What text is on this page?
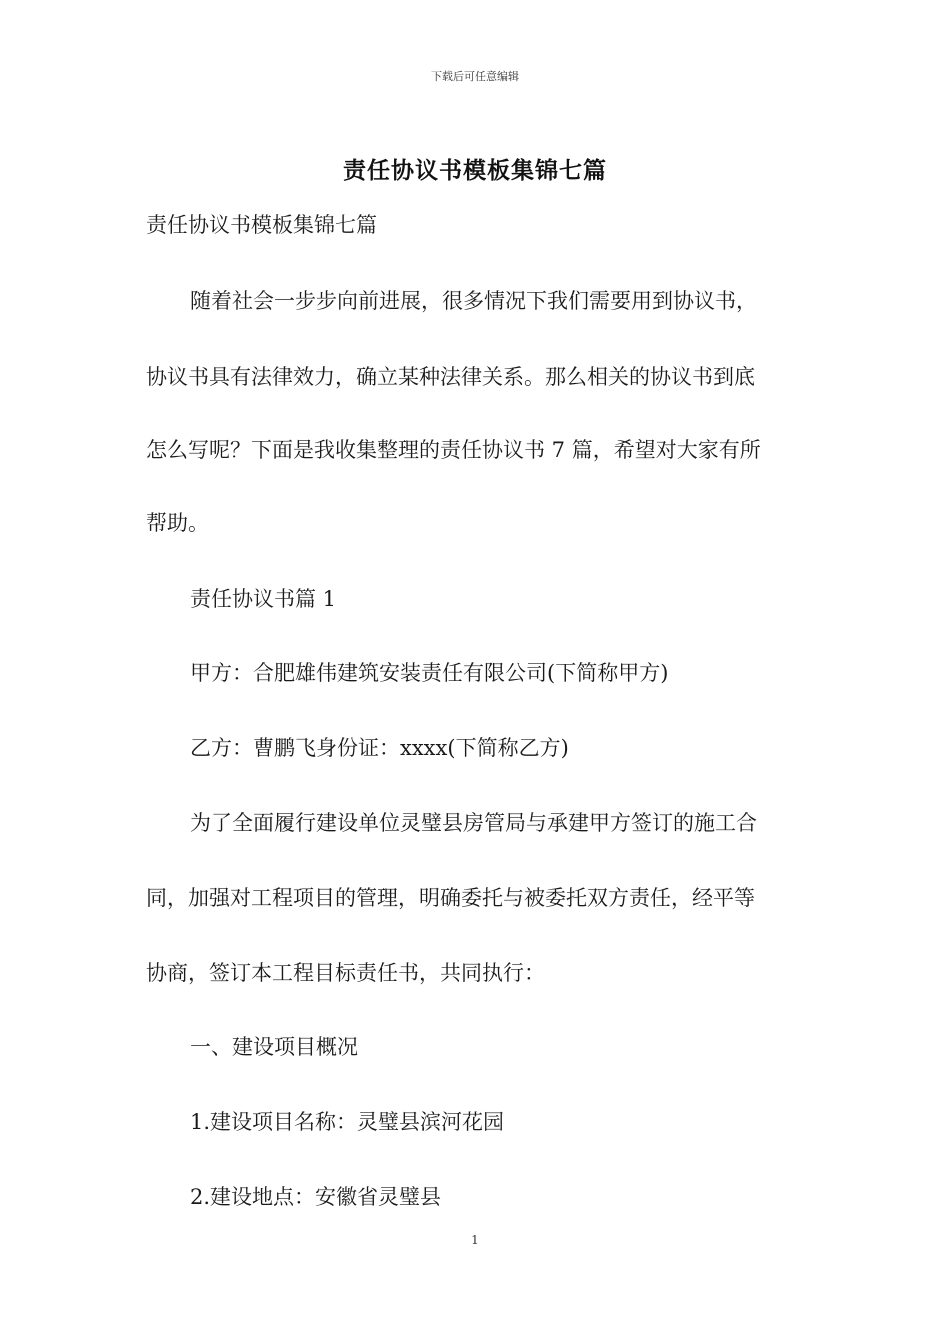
下载后可任意编辑
责任协议书模板集锦七篇
责任协议书模板集锦七篇
随着社会一步步向前进展，很多情况下我们需要用到协议书，
协议书具有法律效力，确立某种法律关系。那么相关的协议书到底
怎么写呢？下面是我收集整理的责任协议书 7 篇，希望对大家有所
帮助。
责任协议书篇 1
甲方：合肥雄伟建筑安装责任有限公司(下简称甲方)
乙方：曹鹏飞身份证：xxxx(下简称乙方)
为了全面履行建设单位灵璧县房管局与承建甲方签订的施工合
同，加强对工程项目的管理，明确委托与被委托双方责任，经平等
协商，签订本工程目标责任书，共同执行：
一、建设项目概况
1.建设项目名称：灵璧县滨河花园
2.建设地点：安徽省灵璧县
1
